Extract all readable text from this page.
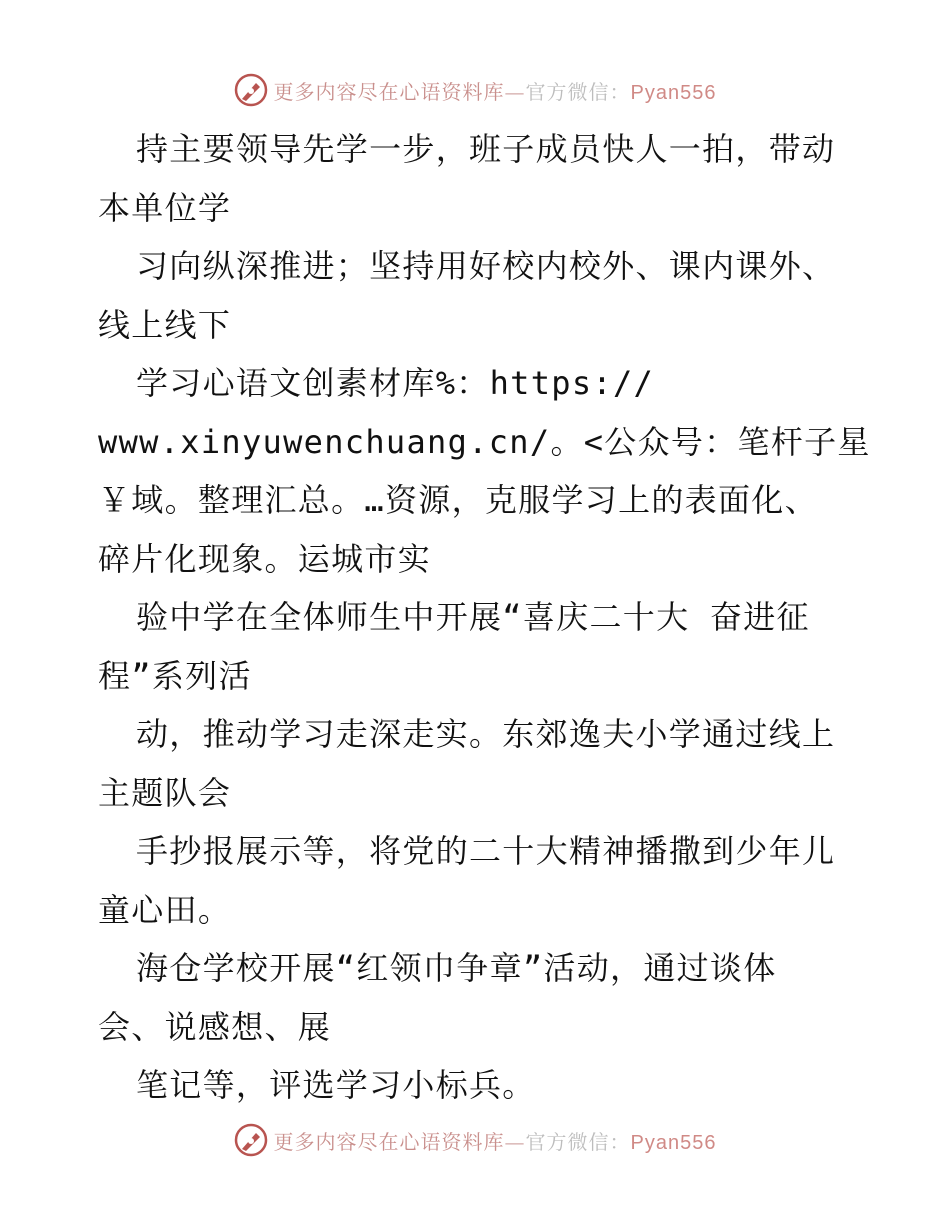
更多内容尽在心语资料库—官方微信：Pyan556
持主要领导先学一步，班子成员快人一拍，带动
本单位学
习向纵深推进；坚持用好校内校外、课内课外、
线上线下
学习心语文创素材库%：https://
www.xinyuwenchuang.cn/。<公众号：笔杆子星
￥域。整理汇总。…资源，克服学习上的表面化、
碎片化现象。运城市实
验中学在全体师生中开展“喜庆二十大 奋进征
程”系列活
动，推动学习走深走实。东郊逸夫小学通过线上
主题队会
手抄报展示等，将党的二十大精神播撒到少年儿
童心田。
海仓学校开展“红领巾争章”活动，通过谈体
会、说感想、展
笔记等，评选学习小标兵。
更多内容尽在心语资料库—官方微信：Pyan556
